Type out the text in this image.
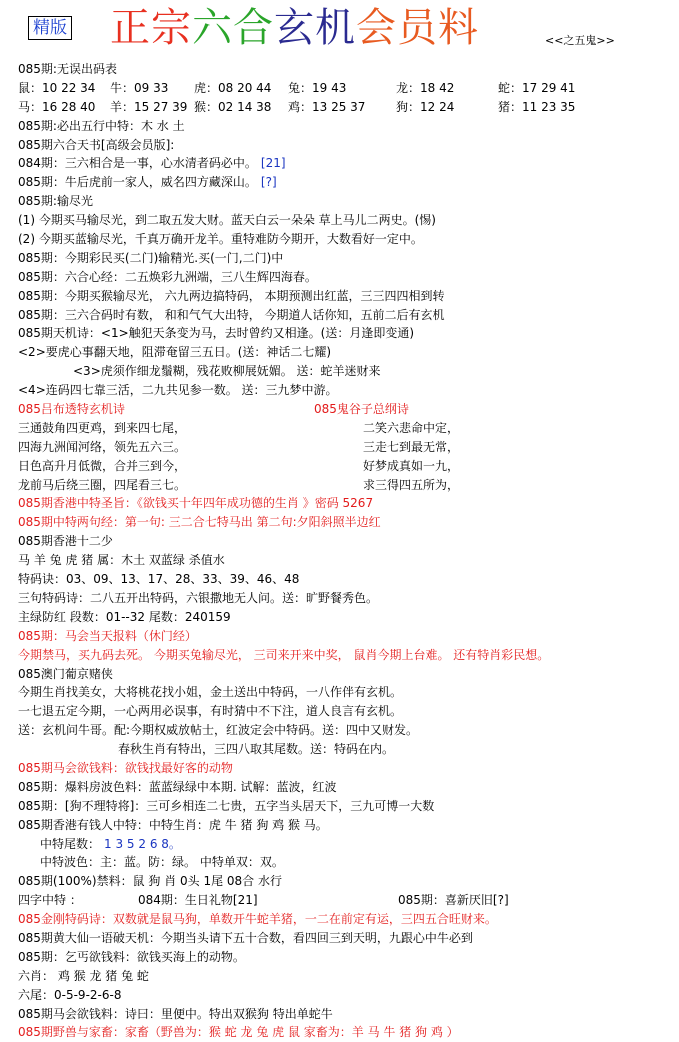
精版 正宗六合玄机会员料	<<之五鬼>>
085期:无误出码表
鼠：10 22 34 牛：09 33 虎：08 20 44 兔：19 43	龙：18 42	蛇：17 29 41
马：16 28 40 羊：15 27 39 猴：02 14 38 鸡：13 25 37	狗：12 24	猪：11 23 35
085期:必出五行中特：木 水 土
085期六合天书[高级会员版]:
084期：三六相合是一事，心水清者码必中。 [21]
085期：牛后虎前一家人，威名四方藏深山。 [?]
085期:输尽光
(1) 今期买马输尽光，到二取五发大财。蓝天白云一朵朵 草上马儿二两史。(惕)
(2) 今期买蓝输尽光，千真万确开龙羊。重特难防今期开，大数看好一定中。
085期：今期彩民买(二门)输精光.买(一门,二门)中
085期：六合心经：二五焕彩九洲端，三八生辉四海春。
085期：今期买猴输尽光， 六九两边搞特码， 本期预测出红蓝，三三四四相到转
085期：三六合码时有数， 和和气气大出特， 今期道人话你知，五前二后有玄机
085期天机诗：<1>触犯天条变为马，去时曾约又相逢。(送：月逢即变通)
<2>要虎心事翻天地，阻滞奄留三五日。(送：神话二七耀)
<3>虎须作细龙鬚糊，残花败柳展妩媚。 送：蛇羊迷财来
<4>连码四七靠三活，二九共见参一数。 送：三九梦中游。
085吕布透特玄机诗	085鬼谷子总纲诗
三通鼓角四更鸡，到来四七尾，	二笑六悲命中定，
四海九洲闻河络，领先五六三。	三走七到最无常，
日色高升月低微，合并三到今，	好梦成真如一九，
龙前马后绕三圈，四尾看三七。	求三得四五所为，
085期香港中特圣旨：《欲钱买十年四年成功德的生肖 》密码 5267
085期中特两句经：第一句: 三二合七特马出 第二句:夕阳斜照半边红
085期香港十二少
马 羊 兔 虎 猪 属：木土 双蓝绿 杀值水
特码诀：03、09、13、17、28、33、39、46、48
三句特码诗：二八五开出特码，六银撒地无人问。送：旷野餐秀色。
主绿防红 段数：01--32 尾数：240159
085期：马会当天报料（休门经）
今期禁马，买九码去死。 今期买兔输尽光， 三司来开来中奖， 鼠肖今期上台难。 还有特肖彩民想。
085澳门葡京赌侠
今期生肖找美女，大将桃花找小姐，金土送出中特码，一八作伴有玄机。
一七退五定今期，一心两用必误事，有时猜中不下注，道人良言有玄机。
送：玄机问牛哥。配:今期权威放帖士，红波定会中特码。送：四中又财发。
春秋生肖有特出，三四八取其尾数。送：特码在内。
085期马会欲钱料：欲钱找最好客的动物
085期：爆料房波色料：蓝蓝绿绿中本期. 试解：蓝波，红波
085期：[狗不理特将]：三可乡相连二七贵，五字当头居天下，三九可博一大数
085期香港有钱人中特：中特生肖：虎 牛 猪 狗 鸡 猴 马。
中特尾数： 1 3 5 2 6 8。
中特波色：主：蓝。防：绿。 中特单双：双。
085期(100%)禁料：鼠 狗 肖 0头 1尾 08合 水行
四字中特 ：	084期：生日礼物[21]	085期：喜新厌旧[?]
085金刚特码诗：双数就是鼠马狗，单数开牛蛇羊猪，一二在前定有运，三四五合旺财来。
085期黄大仙一语破天机：今期当头请下五十合数，看四回三到天明，九跟心中牛必到
085期：乞丐欲钱料：欲钱买海上的动物。
六肖： 鸡 猴 龙 猪 兔 蛇
六尾：0-5-9-2-6-8
085期马会欲钱料：诗曰：里便中。特出双猴狗 特出单蛇牛
085期野兽与家畜：家畜（野兽为：猴 蛇 龙 兔 虎 鼠 家畜为：羊 马 牛 猪 狗 鸡 ）
